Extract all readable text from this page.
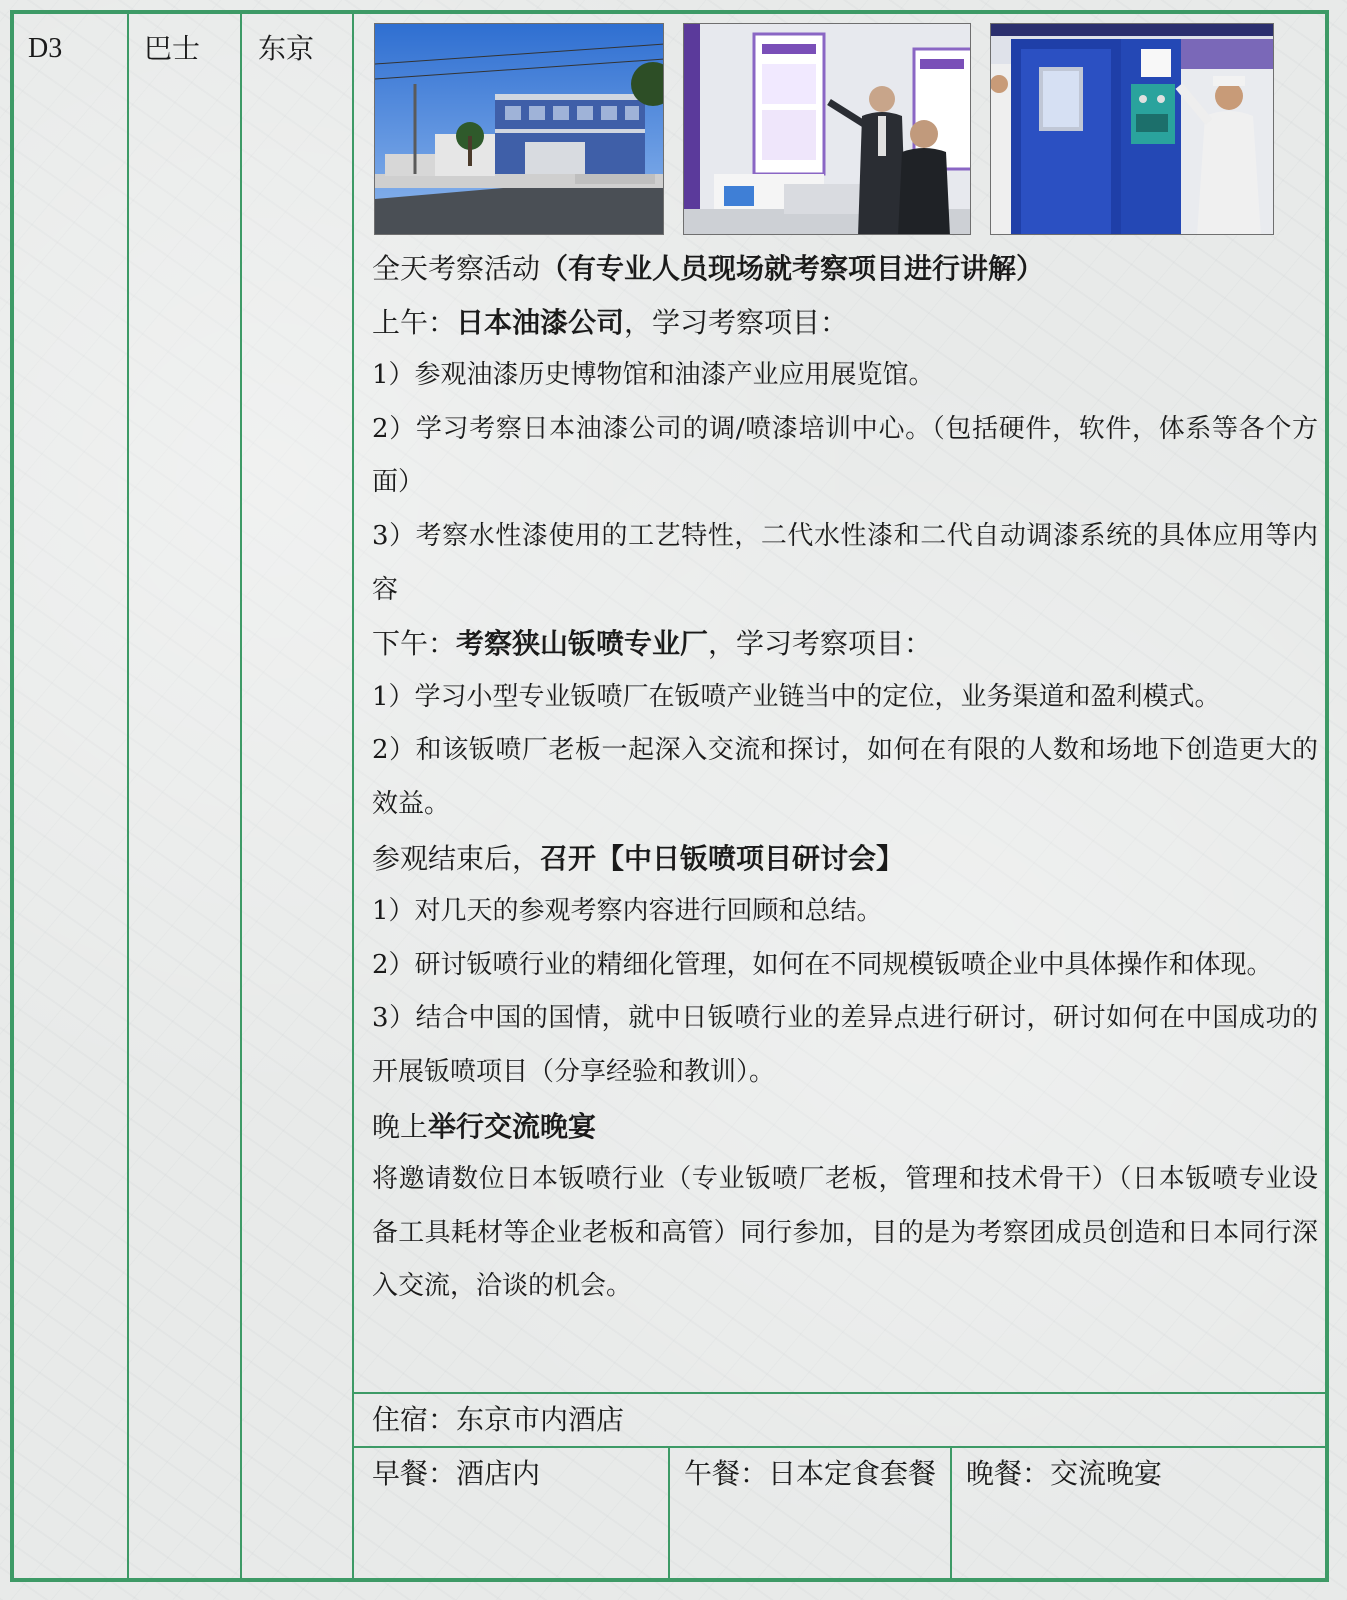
D3	巴士 东京

全天考察活动（有专业人员现场就考察项目进行讲解）

上午：日本油漆公司，学习考察项目：

1）参观油漆历史博物馆和油漆产业应用展览馆。

2）学习考察日本油漆公司的调/喷漆培训中心。（包括硬件，软件，体系等各个方面）

3）考察水性漆使用的工艺特性，二代水性漆和二代自动调漆系统的具体应用等内容

下午：考察狭山钣喷专业厂，学习考察项目：

1）学习小型专业钣喷厂在钣喷产业链当中的定位，业务渠道和盈利模式。

2）和该钣喷厂老板一起深入交流和探讨，如何在有限的人数和场地下创造更大的效益。

参观结束后，召开【中日钣喷项目研讨会】

1）对几天的参观考察内容进行回顾和总结。

2）研讨钣喷行业的精细化管理，如何在不同规模钣喷企业中具体操作和体现。

3）结合中国的国情，就中日钣喷行业的差异点进行研讨，研讨如何在中国成功的开展钣喷项目（分享经验和教训）。

晚上举行交流晚宴

将邀请数位日本钣喷行业（专业钣喷厂老板，管理和技术骨干）（日本钣喷专业设备工具耗材等企业老板和高管）同行参加，目的是为考察团成员创造和日本同行深入交流，洽谈的机会。

住宿：东京市内酒店
早餐：酒店内	午餐：日本定食套餐 晚餐：交流晚宴
